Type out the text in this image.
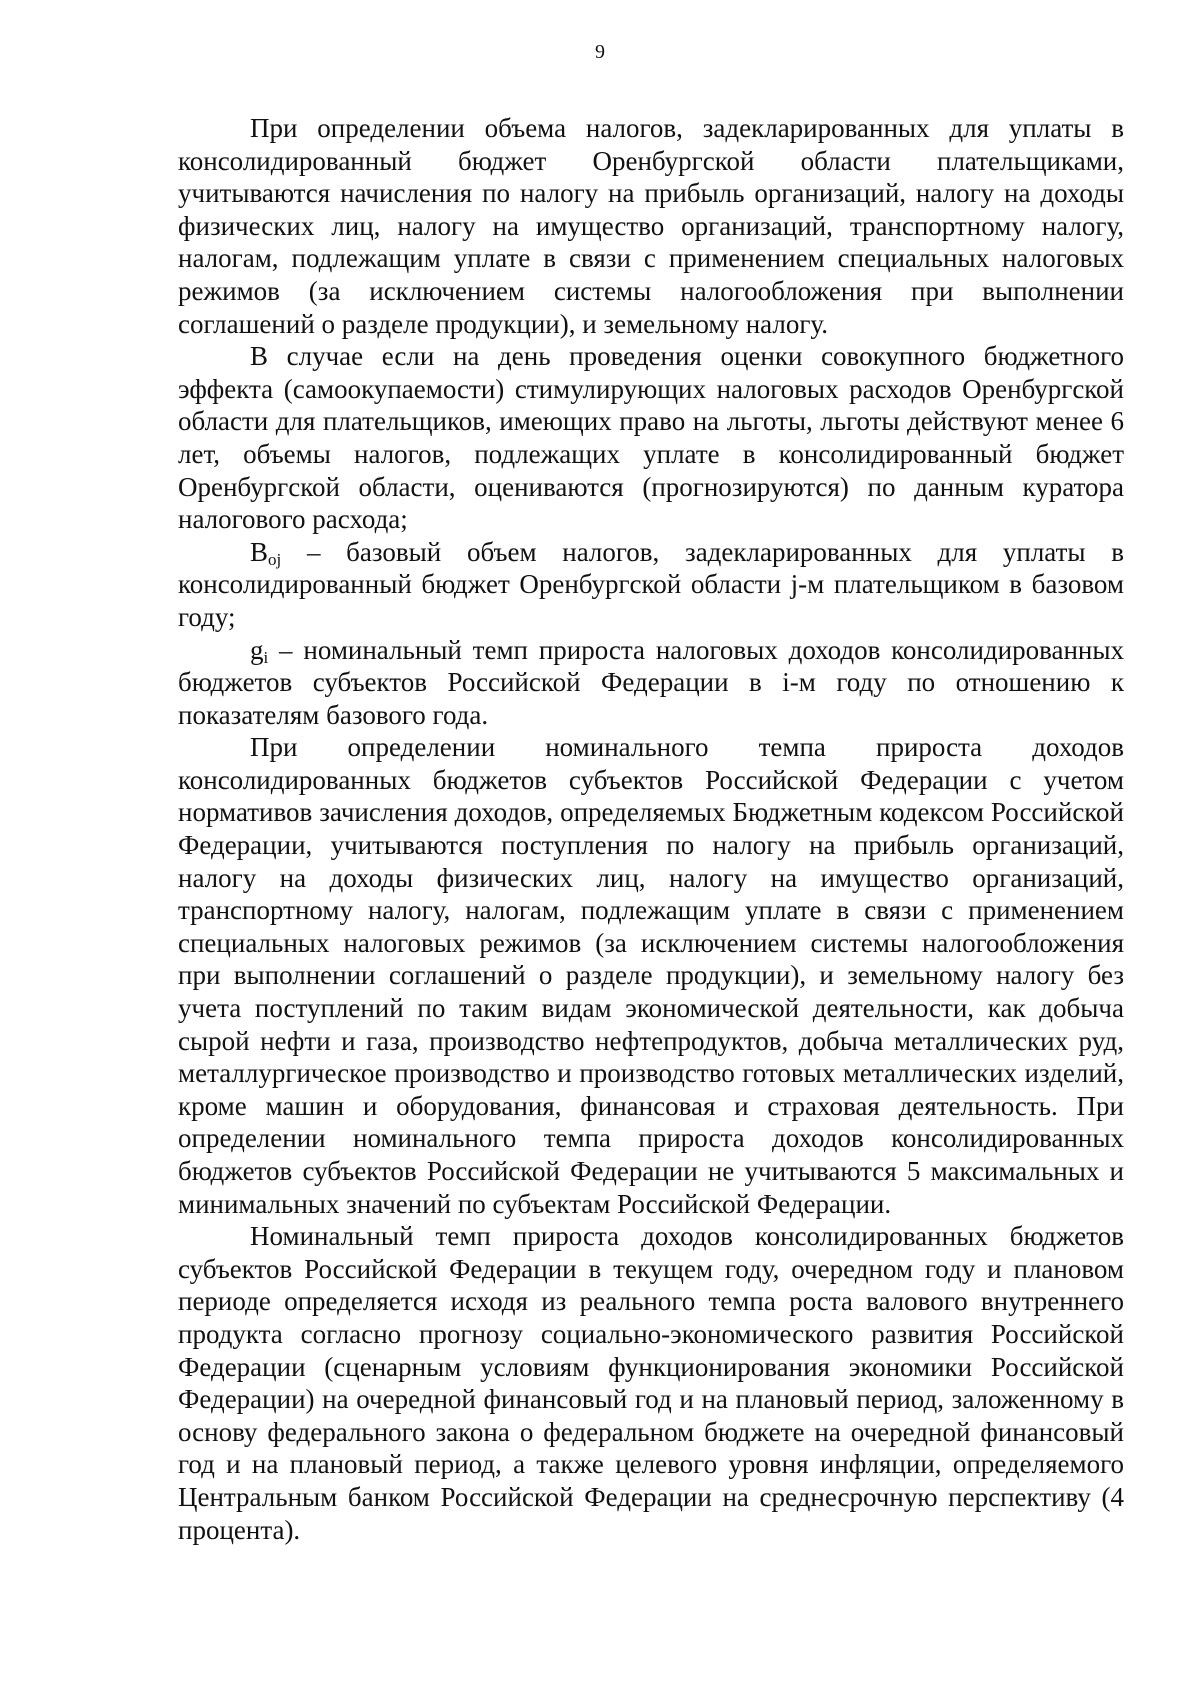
9

При определении объема налогов, задекларированных для уплаты в консолидированный бюджет Оренбургской области плательщиками, учитываются начисления по налогу на прибыль организаций, налогу на доходы физических лиц, налогу на имущество организаций, транспортному налогу, налогам, подлежащим уплате в связи с применением специальных налоговых режимов (за исключением системы налогообложения при выполнении соглашений о разделе продукции), и земельному налогу.

В случае если на день проведения оценки совокупного бюджетного эффекта (самоокупаемости) стимулирующих налоговых расходов Оренбургской области для плательщиков, имеющих право на льготы, льготы действуют менее 6 лет, объемы налогов, подлежащих уплате в консолидированный бюджет Оренбургской области, оцениваются (прогнозируются) по данным куратора налогового расхода;

$B_{oj}$ – базовый объем налогов, задекларированных для уплаты в консолидированный бюджет Оренбургской области j-м плательщиком в базовом году;

$g_i$ – номинальный темп прироста налоговых доходов консолидированных бюджетов субъектов Российской Федерации в i-м году по отношению к показателям базового года.

При определении номинального темпа прироста доходов консолидированных бюджетов субъектов Российской Федерации с учетом нормативов зачисления доходов, определяемых Бюджетным кодексом Российской Федерации, учитываются поступления по налогу на прибыль организаций, налогу на доходы физических лиц, налогу на имущество организаций, транспортному налогу, налогам, подлежащим уплате в связи с применением специальных налоговых режимов (за исключением системы налогообложения при выполнении соглашений о разделе продукции), и земельному налогу без учета поступлений по таким видам экономической деятельности, как добыча сырой нефти и газа, производство нефтепродуктов, добыча металлических руд, металлургическое производство и производство готовых металлических изделий, кроме машин и оборудования, финансовая и страховая деятельность. При определении номинального темпа прироста доходов консолидированных бюджетов субъектов Российской Федерации не учитываются 5 максимальных и минимальных значений по субъектам Российской Федерации.

Номинальный темп прироста доходов консолидированных бюджетов субъектов Российской Федерации в текущем году, очередном году и плановом периоде определяется исходя из реального темпа роста валового внутреннего продукта согласно прогнозу социально-экономического развития Российской Федерации (сценарным условиям функционирования экономики Российской Федерации) на очередной финансовый год и на плановый период, заложенному в основу федерального закона о федеральном бюджете на очередной финансовый год и на плановый период, а также целевого уровня инфляции, определяемого Центральным банком Российской Федерации на среднесрочную перспективу (4 процента).
